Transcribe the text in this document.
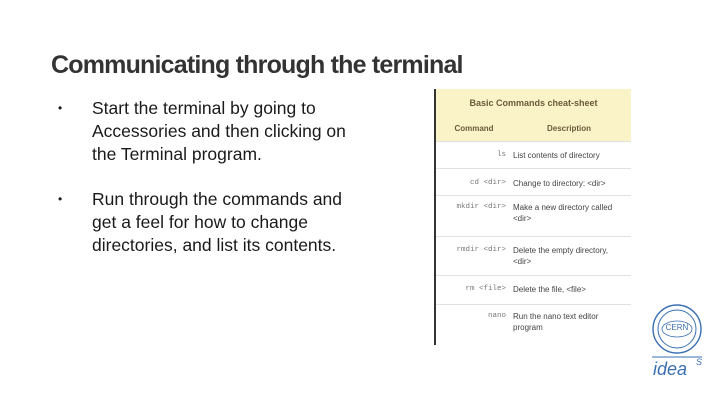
Communicating through the terminal
• Start the terminal by going to Accessories and then clicking on the Terminal program.
• Run through the commands and get a feel for how to change directories, and list its contents.
Basic Commands cheat-sheet
Command	Description
ls List contents of directory
cd <dir> Change to directory: <dir>
mkdir <dir> Make a new directory called <dir>
rmdir <dir> Delete the empty directory, <dir>
rm <file> Delete the file, <file>
nano Run the nano text editor program	CERN
idea S
